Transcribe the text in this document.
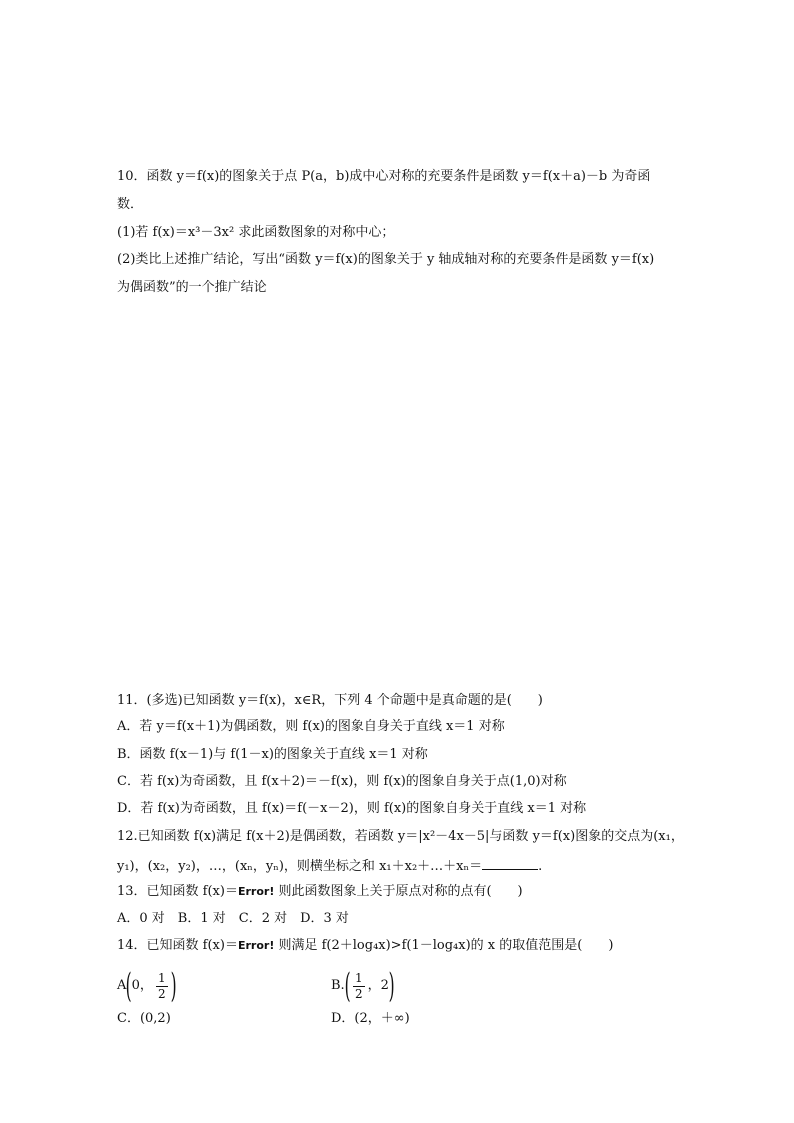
10．函数 y＝f(x)的图象关于点 P(a，b)成中心对称的充要条件是函数 y＝f(x＋a)－b 为奇函
数．
(1)若 f(x)＝x³－3x² 求此函数图象的对称中心；
(2)类比上述推广结论，写出“函数 y＝f(x)的图象关于 y 轴成轴对称的充要条件是函数 y＝f(x)
为偶函数”的一个推广结论
11．(多选)已知函数 y＝f(x)，x∈R，下列 4 个命题中是真命题的是(　　)
A．若 y＝f(x＋1)为偶函数，则 f(x)的图象自身关于直线 x＝1 对称
B．函数 f(x－1)与 f(1－x)的图象关于直线 x＝1 对称
C．若 f(x)为奇函数，且 f(x＋2)＝－f(x)，则 f(x)的图象自身关于点(1,0)对称
D．若 f(x)为奇函数，且 f(x)＝f(－x－2)，则 f(x)的图象自身关于直线 x＝1 对称
12.已知函数 f(x)满足 f(x＋2)是偶函数，若函数 y＝|x²－4x－5|与函数 y＝f(x)图象的交点为(x₁，
y₁)，(x₂，y₂)，…，(xₙ，yₙ)，则横坐标之和 x₁＋x₂＋…＋xₙ＝	.
13．已知函数 f(x)＝Error! 则此函数图象上关于原点对称的点有(　　)
A．0 对　B．1 对　C．2 对　D．3 对
14．已知函数 f(x)＝Error! 则满足 f(2＋log₄x)>f(1－log₄x)的 x 的取值范围是(　　)
A ( 0， $\frac{1}{2}$ )	B. ( $\frac{1}{2}$ ，2 )
C．(0,2)	D．(2，＋∞)
